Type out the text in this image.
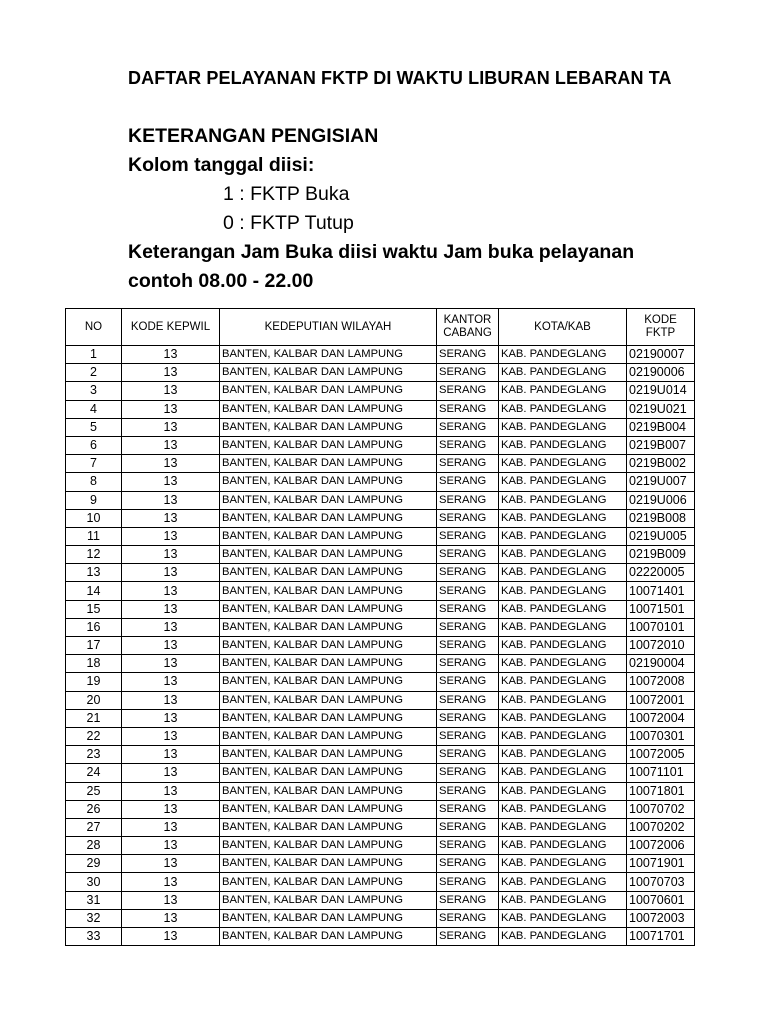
DAFTAR PELAYANAN FKTP DI WAKTU LIBURAN LEBARAN TA
KETERANGAN PENGISIAN
Kolom tanggal diisi:
1 : FKTP Buka
0 : FKTP Tutup
Keterangan Jam Buka diisi waktu Jam buka pelayanan
contoh 08.00 - 22.00
NO	KODE KEPWIL	KEDEPUTIAN WILAYAH	KANTOR
CABANG	KOTA/KAB	KODE
FKTP
1	13	BANTEN, KALBAR DAN LAMPUNG	SERANG	KAB. PANDEGLANG	02190007
2	13	BANTEN, KALBAR DAN LAMPUNG	SERANG	KAB. PANDEGLANG	02190006
3	13	BANTEN, KALBAR DAN LAMPUNG	SERANG	KAB. PANDEGLANG	0219U014
4	13	BANTEN, KALBAR DAN LAMPUNG	SERANG	KAB. PANDEGLANG	0219U021
5	13	BANTEN, KALBAR DAN LAMPUNG	SERANG	KAB. PANDEGLANG	0219B004
6	13	BANTEN, KALBAR DAN LAMPUNG	SERANG	KAB. PANDEGLANG	0219B007
7	13	BANTEN, KALBAR DAN LAMPUNG	SERANG	KAB. PANDEGLANG	0219B002
8	13	BANTEN, KALBAR DAN LAMPUNG	SERANG	KAB. PANDEGLANG	0219U007
9	13	BANTEN, KALBAR DAN LAMPUNG	SERANG	KAB. PANDEGLANG	0219U006
10	13	BANTEN, KALBAR DAN LAMPUNG	SERANG	KAB. PANDEGLANG	0219B008
11	13	BANTEN, KALBAR DAN LAMPUNG	SERANG	KAB. PANDEGLANG	0219U005
12	13	BANTEN, KALBAR DAN LAMPUNG	SERANG	KAB. PANDEGLANG	0219B009
13	13	BANTEN, KALBAR DAN LAMPUNG	SERANG	KAB. PANDEGLANG	02220005
14	13	BANTEN, KALBAR DAN LAMPUNG	SERANG	KAB. PANDEGLANG	10071401
15	13	BANTEN, KALBAR DAN LAMPUNG	SERANG	KAB. PANDEGLANG	10071501
16	13	BANTEN, KALBAR DAN LAMPUNG	SERANG	KAB. PANDEGLANG	10070101
17	13	BANTEN, KALBAR DAN LAMPUNG	SERANG	KAB. PANDEGLANG	10072010
18	13	BANTEN, KALBAR DAN LAMPUNG	SERANG	KAB. PANDEGLANG	02190004
19	13	BANTEN, KALBAR DAN LAMPUNG	SERANG	KAB. PANDEGLANG	10072008
20	13	BANTEN, KALBAR DAN LAMPUNG	SERANG	KAB. PANDEGLANG	10072001
21	13	BANTEN, KALBAR DAN LAMPUNG	SERANG	KAB. PANDEGLANG	10072004
22	13	BANTEN, KALBAR DAN LAMPUNG	SERANG	KAB. PANDEGLANG	10070301
23	13	BANTEN, KALBAR DAN LAMPUNG	SERANG	KAB. PANDEGLANG	10072005
24	13	BANTEN, KALBAR DAN LAMPUNG	SERANG	KAB. PANDEGLANG	10071101
25	13	BANTEN, KALBAR DAN LAMPUNG	SERANG	KAB. PANDEGLANG	10071801
26	13	BANTEN, KALBAR DAN LAMPUNG	SERANG	KAB. PANDEGLANG	10070702
27	13	BANTEN, KALBAR DAN LAMPUNG	SERANG	KAB. PANDEGLANG	10070202
28	13	BANTEN, KALBAR DAN LAMPUNG	SERANG	KAB. PANDEGLANG	10072006
29	13	BANTEN, KALBAR DAN LAMPUNG	SERANG	KAB. PANDEGLANG	10071901
30	13	BANTEN, KALBAR DAN LAMPUNG	SERANG	KAB. PANDEGLANG	10070703
31	13	BANTEN, KALBAR DAN LAMPUNG	SERANG	KAB. PANDEGLANG	10070601
32	13	BANTEN, KALBAR DAN LAMPUNG	SERANG	KAB. PANDEGLANG	10072003
33	13	BANTEN, KALBAR DAN LAMPUNG	SERANG	KAB. PANDEGLANG	10071701
